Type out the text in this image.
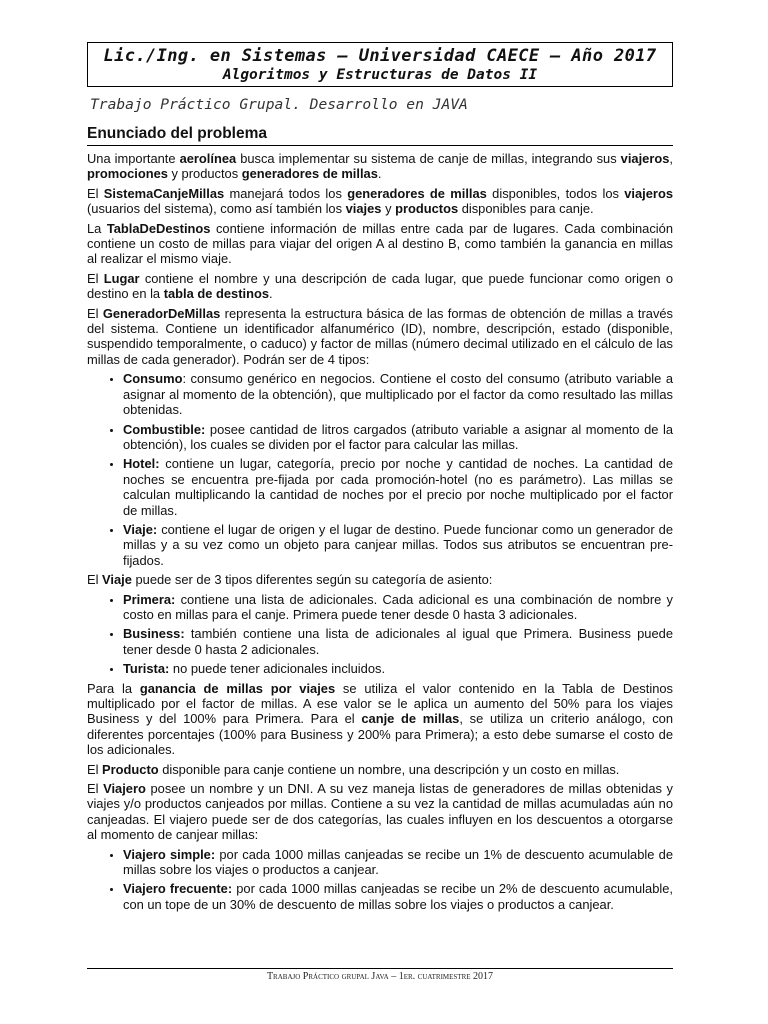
Lic./Ing. en Sistemas – Universidad CAECE – Año 2017
Algoritmos y Estructuras de Datos II
Trabajo Práctico Grupal. Desarrollo en JAVA
Enunciado del problema

Una importante aerolínea busca implementar su sistema de canje de millas, integrando sus viajeros, promociones y productos generadores de millas.

El SistemaCanjeMillas manejará todos los generadores de millas disponibles, todos los viajeros (usuarios del sistema), como así también los viajes y productos disponibles para canje.

La TablaDeDestinos contiene información de millas entre cada par de lugares. Cada combinación contiene un costo de millas para viajar del origen A al destino B, como también la ganancia en millas al realizar el mismo viaje.

El Lugar contiene el nombre y una descripción de cada lugar, que puede funcionar como origen o destino en la tabla de destinos.

El GeneradorDeMillas representa la estructura básica de las formas de obtención de millas a través del sistema. Contiene un identificador alfanumérico (ID), nombre, descripción, estado (disponible, suspendido temporalmente, o caduco) y factor de millas (número decimal utilizado en el cálculo de las millas de cada generador). Podrán ser de 4 tipos:

• Consumo: consumo genérico en negocios. Contiene el costo del consumo (atributo variable a asignar al momento de la obtención), que multiplicado por el factor da como resultado las millas obtenidas.
• Combustible: posee cantidad de litros cargados (atributo variable a asignar al momento de la obtención), los cuales se dividen por el factor para calcular las millas.
• Hotel: contiene un lugar, categoría, precio por noche y cantidad de noches. La cantidad de noches se encuentra pre-fijada por cada promoción-hotel (no es parámetro). Las millas se calculan multiplicando la cantidad de noches por el precio por noche multiplicado por el factor de millas.
• Viaje: contiene el lugar de origen y el lugar de destino. Puede funcionar como un generador de millas y a su vez como un objeto para canjear millas. Todos sus atributos se encuentran pre-fijados.

El Viaje puede ser de 3 tipos diferentes según su categoría de asiento:

• Primera: contiene una lista de adicionales. Cada adicional es una combinación de nombre y costo en millas para el canje. Primera puede tener desde 0 hasta 3 adicionales.
• Business: también contiene una lista de adicionales al igual que Primera. Business puede tener desde 0 hasta 2 adicionales.
• Turista: no puede tener adicionales incluidos.

Para la ganancia de millas por viajes se utiliza el valor contenido en la Tabla de Destinos multiplicado por el factor de millas. A ese valor se le aplica un aumento del 50% para los viajes Business y del 100% para Primera. Para el canje de millas, se utiliza un criterio análogo, con diferentes porcentajes (100% para Business y 200% para Primera); a esto debe sumarse el costo de los adicionales.

El Producto disponible para canje contiene un nombre, una descripción y un costo en millas.

El Viajero posee un nombre y un DNI. A su vez maneja listas de generadores de millas obtenidas y viajes y/o productos canjeados por millas. Contiene a su vez la cantidad de millas acumuladas aún no canjeadas. El viajero puede ser de dos categorías, las cuales influyen en los descuentos a otorgarse al momento de canjear millas:

• Viajero simple: por cada 1000 millas canjeadas se recibe un 1% de descuento acumulable de millas sobre los viajes o productos a canjear.
• Viajero frecuente: por cada 1000 millas canjeadas se recibe un 2% de descuento acumulable, con un tope de un 30% de descuento de millas sobre los viajes o productos a canjear.
Trabajo Práctico grupal Java – 1er. cuatrimestre 2017
